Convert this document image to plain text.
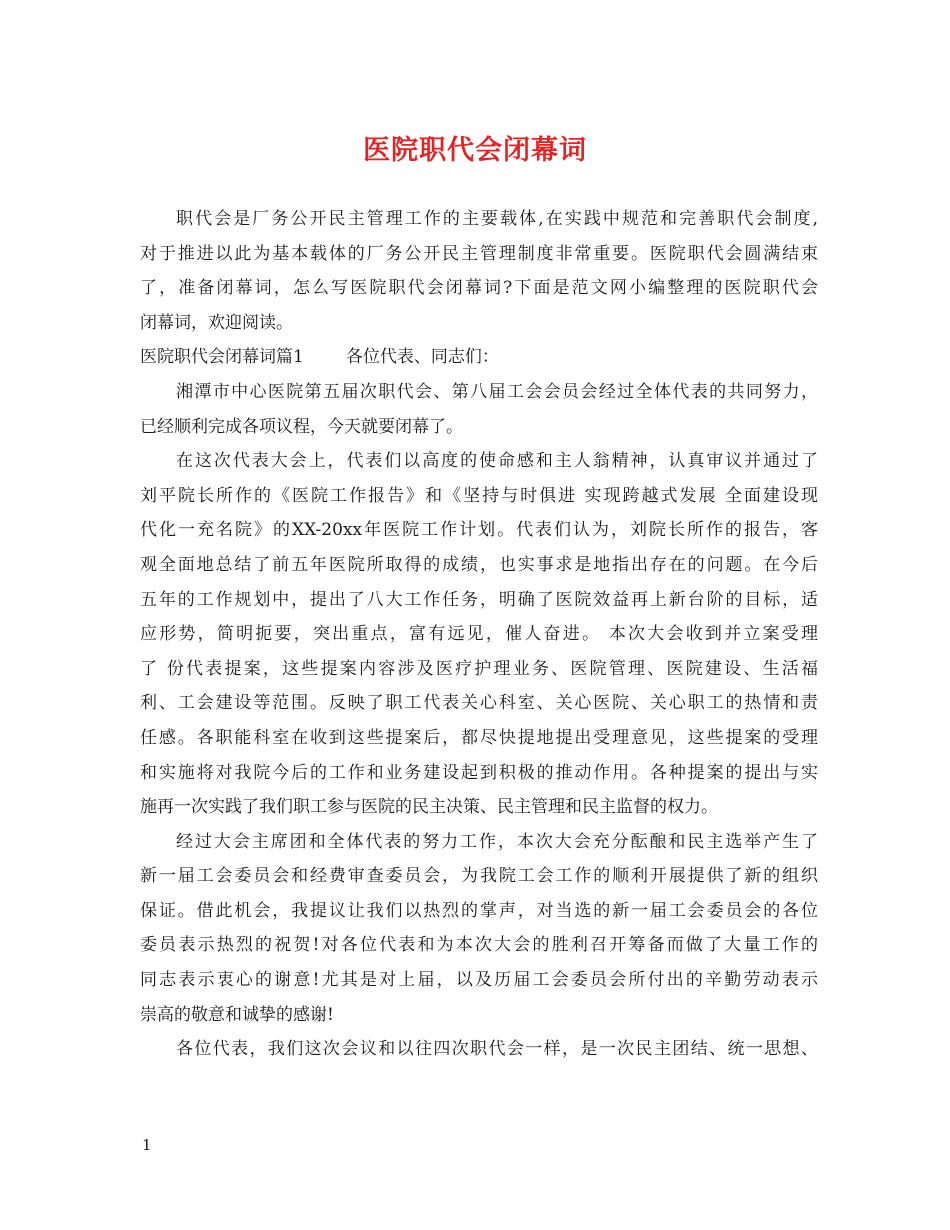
医院职代会闭幕词
职代会是厂务公开民主管理工作的主要载体,在实践中规范和完善职代会制度,
对于推进以此为基本载体的厂务公开民主管理制度非常重要。医院职代会圆满结束
了，准备闭幕词，怎么写医院职代会闭幕词?下面是范文网小编整理的医院职代会
闭幕词，欢迎阅读。
医院职代会闭幕词篇1 各位代表、同志们：
湘潭市中心医院第五届次职代会、第八届工会会员会经过全体代表的共同努力，
已经顺利完成各项议程，今天就要闭幕了。
在这次代表大会上，代表们以高度的使命感和主人翁精神，认真审议并通过了
刘平院长所作的《医院工作报告》和《坚持与时俱进 实现跨越式发展 全面建设现
代化一充名院》的XX-20xx年医院工作计划。代表们认为，刘院长所作的报告，客
观全面地总结了前五年医院所取得的成绩，也实事求是地指出存在的问题。在今后
五年的工作规划中，提出了八大工作任务，明确了医院效益再上新台阶的目标，适
应形势，简明扼要，突出重点，富有远见，催人奋进。 本次大会收到并立案受理
了 份代表提案，这些提案内容涉及医疗护理业务、医院管理、医院建设、生活福
利、工会建设等范围。反映了职工代表关心科室、关心医院、关心职工的热情和责
任感。各职能科室在收到这些提案后，都尽快提地提出受理意见，这些提案的受理
和实施将对我院今后的工作和业务建设起到积极的推动作用。各种提案的提出与实
施再一次实践了我们职工参与医院的民主决策、民主管理和民主监督的权力。
经过大会主席团和全体代表的努力工作，本次大会充分酝酿和民主选举产生了
新一届工会委员会和经费审查委员会，为我院工会工作的顺利开展提供了新的组织
保证。借此机会，我提议让我们以热烈的掌声，对当选的新一届工会委员会的各位
委员表示热烈的祝贺!对各位代表和为本次大会的胜利召开筹备而做了大量工作的
同志表示衷心的谢意!尤其是对上届，以及历届工会委员会所付出的辛勤劳动表示
崇高的敬意和诚挚的感谢!
各位代表，我们这次会议和以往四次职代会一样，是一次民主团结、统一思想、
1
